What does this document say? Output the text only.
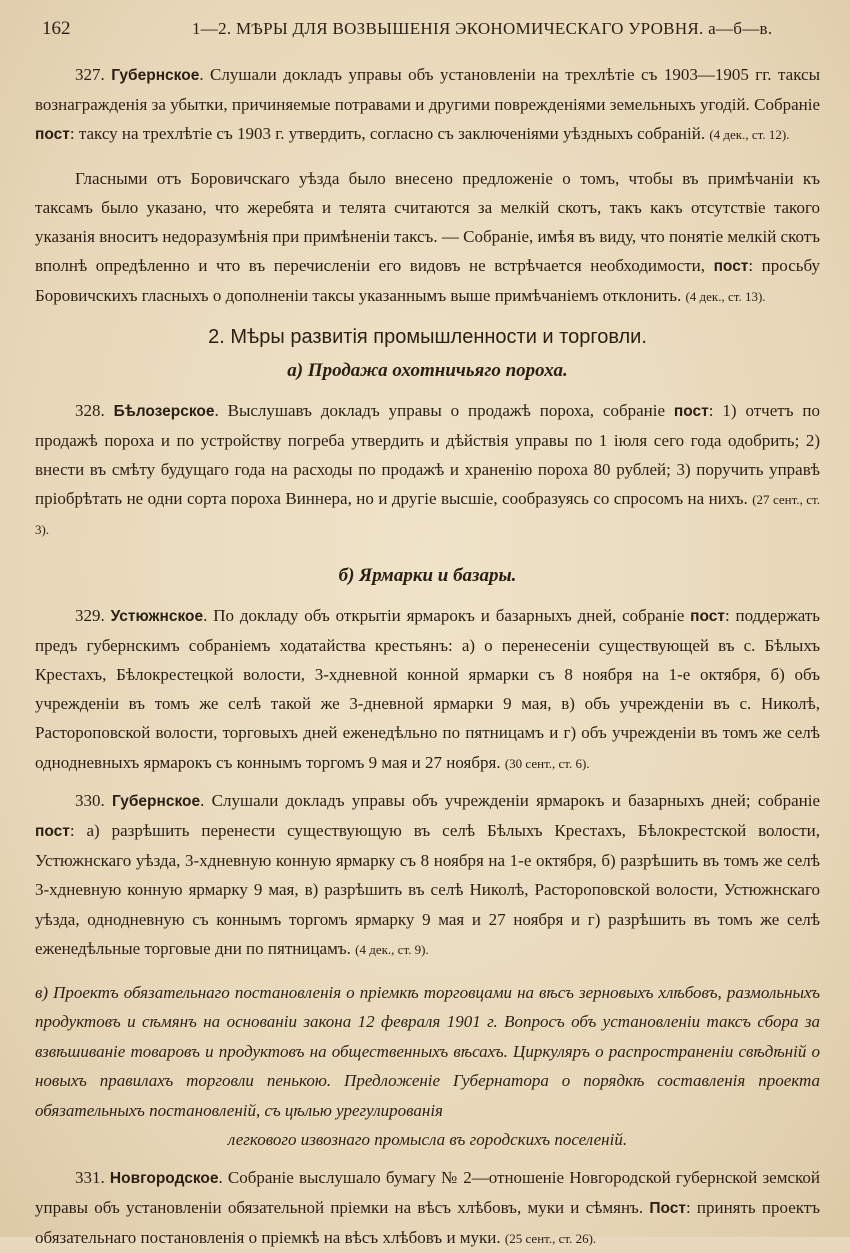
162	1—2. МѢРЫ ДЛЯ ВОЗВЫШЕНІЯ ЭКОНОМИЧЕСКАГО УРОВНЯ. а—б—в.

327. Губернское. Слушали докладъ управы объ установленіи на трехлѣтіе съ 1903—1905 гг. таксы вознагражденія за убытки, причиняемые потравами и другими поврежденіями земельныхъ угодій. Собраніе пост: таксу на трехлѣтіе съ 1903 г. утвердить, согласно съ заключеніями уѣздныхъ собраній. (4 дек., ст. 12).

Гласными отъ Боровичскаго уѣзда было внесено предложеніе о томъ, чтобы въ примѣчаніи къ таксамъ было указано, что жеребята и телята считаются за мелкій скотъ, такъ какъ отсутствіе такого указанія вноситъ недоразумѣнія при примѣненіи таксъ. — Собраніе, имѣя въ виду, что понятіе мелкій скотъ вполнѣ опредѣленно и что въ перечисленіи его видовъ не встрѣчается необходимости, пост: просьбу Боровичскихъ гласныхъ о дополненіи таксы указаннымъ выше примѣчаніемъ отклонить. (4 дек., ст. 13).

2. Мѣры развитія промышленности и торговли.
а) Продажа охотничьяго пороха.

328. Бѣлозерское. Выслушавъ докладъ управы о продажѣ пороха, собраніе пост: 1) отчетъ по продажѣ пороха и по устройству погреба утвердить и дѣйствія управы по 1 іюля сего года одобрить; 2) внести въ смѣту будущаго года на расходы по продажѣ и храненію пороха 80 рублей; 3) поручить управѣ пріобрѣтать не одни сорта пороха Виннера, но и другіе высшіе, сообразуясь со спросомъ на нихъ. (27 сент., ст. 3).

б) Ярмарки и базары.

329. Устюжнское. По докладу объ открытіи ярмарокъ и базарныхъ дней, собраніе пост: поддержать предъ губернскимъ собраніемъ ходатайства крестьянъ: а) о перенесеніи существующей въ с. Бѣлыхъ Крестахъ, Бѣлокрестецкой волости, 3-хдневной конной ярмарки съ 8 ноября на 1-е октября, б) объ учрежденіи въ томъ же селѣ такой же 3-дневной ярмарки 9 мая, в) объ учрежденіи въ с. Николѣ, Растороповской волости, торговыхъ дней еженедѣльно по пятницамъ и г) объ учрежденіи въ томъ же селѣ однодневныхъ ярмарокъ съ коннымъ торгомъ 9 мая и 27 ноября. (30 сент., ст. 6).

330. Губернское. Слушали докладъ управы объ учрежденіи ярмарокъ и базарныхъ дней; собраніе пост: а) разрѣшить перенести существующую въ селѣ Бѣлыхъ Крестахъ, Бѣлокрестской волости, Устюжнскаго уѣзда, 3-хдневную конную ярмарку съ 8 ноября на 1-е октября, б) разрѣшить въ томъ же селѣ 3-хдневную конную ярмарку 9 мая, в) разрѣшить въ селѣ Николѣ, Растороповской волости, Устюжнскаго уѣзда, однодневную съ коннымъ торгомъ ярмарку 9 мая и 27 ноября и г) разрѣшить въ томъ же селѣ еженедѣльные торговые дни по пятницамъ. (4 дек., ст. 9).

в) Проектъ обязательнаго постановленія о пріемкѣ торговцами на вѣсъ зерновыхъ хлѣбовъ, размольныхъ продуктовъ и сѣмянъ на основаніи закона 12 февраля 1901 г. Вопросъ объ установленіи таксъ сбора за взвѣшиваніе товаровъ и продуктовъ на общественныхъ вѣсахъ. Циркуляръ о распространеніи свѣдѣній о новыхъ правилахъ торговли пенькою. Предложеніе Губернатора о порядкѣ составленія проекта обязательныхъ постановленій, съ цѣлью урегулированія
легкового извознаго промысла въ городскихъ поселеній.

331. Новгородское. Собраніе выслушало бумагу № 2—отношеніе Новгородской губернской земской управы объ установленіи обязательной пріемки на вѣсъ хлѣбовъ, муки и сѣмянъ. Пост: принять проектъ обязательнаго постановленія о пріемкѣ на вѣсъ хлѣбовъ и муки. (25 сент., ст. 26).
